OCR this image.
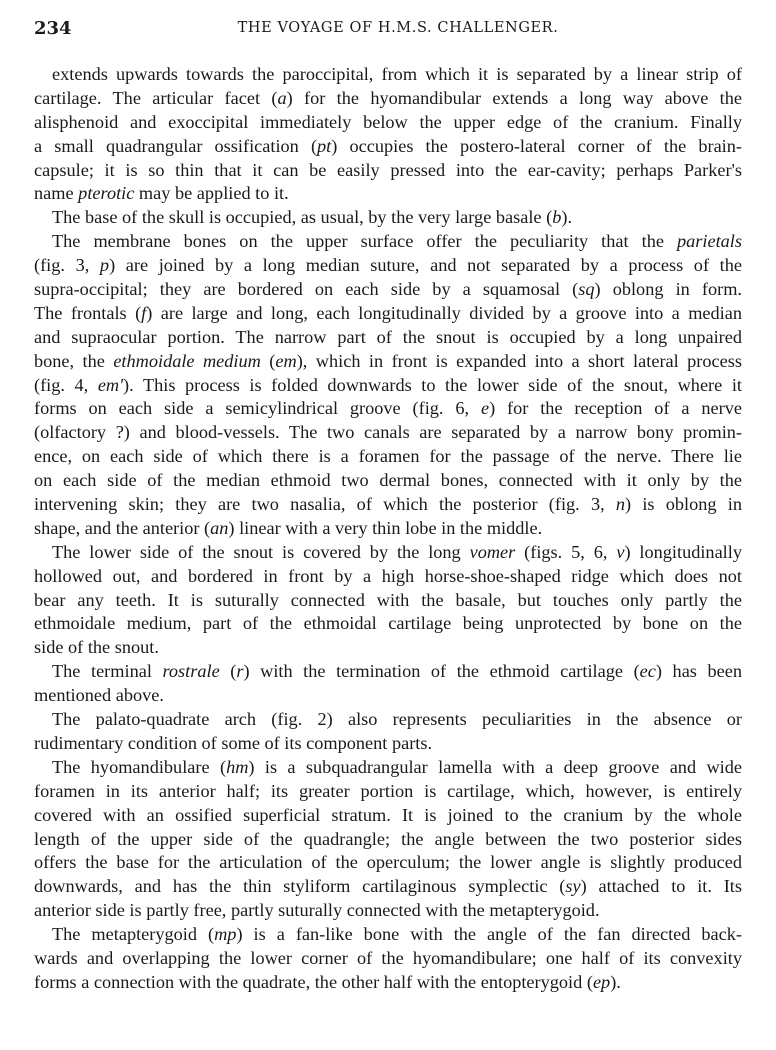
234	THE VOYAGE OF H.M.S. CHALLENGER.
extends upwards towards the paroccipital, from which it is separated by a linear strip of
cartilage. The articular facet (a) for the hyomandibular extends a long way above the
alisphenoid and exoccipital immediately below the upper edge of the cranium. Finally
a small quadrangular ossification (pt) occupies the postero-lateral corner of the brain-
capsule; it is so thin that it can be easily pressed into the ear-cavity; perhaps Parker's
name pterotic may be applied to it.
The base of the skull is occupied, as usual, by the very large basale (b).
The membrane bones on the upper surface offer the peculiarity that the parietals
(fig. 3, p) are joined by a long median suture, and not separated by a process of the
supra-occipital; they are bordered on each side by a squamosal (sq) oblong in form.
The frontals (f) are large and long, each longitudinally divided by a groove into a median
and supraocular portion. The narrow part of the snout is occupied by a long unpaired
bone, the ethmoidale medium (em), which in front is expanded into a short lateral process
(fig. 4, em'). This process is folded downwards to the lower side of the snout, where it
forms on each side a semicylindrical groove (fig. 6, e) for the reception of a nerve
(olfactory ?) and blood-vessels. The two canals are separated by a narrow bony promin-
ence, on each side of which there is a foramen for the passage of the nerve. There lie
on each side of the median ethmoid two dermal bones, connected with it only by the
intervening skin; they are two nasalia, of which the posterior (fig. 3, n) is oblong in
shape, and the anterior (an) linear with a very thin lobe in the middle.
The lower side of the snout is covered by the long vomer (figs. 5, 6, v) longitudinally
hollowed out, and bordered in front by a high horse-shoe-shaped ridge which does not
bear any teeth. It is suturally connected with the basale, but touches only partly the
ethmoidale medium, part of the ethmoidal cartilage being unprotected by bone on the
side of the snout.
The terminal rostrale (r) with the termination of the ethmoid cartilage (ec) has been
mentioned above.
The palato-quadrate arch (fig. 2) also represents peculiarities in the absence or
rudimentary condition of some of its component parts.
The hyomandibulare (hm) is a subquadrangular lamella with a deep groove and wide
foramen in its anterior half; its greater portion is cartilage, which, however, is entirely
covered with an ossified superficial stratum. It is joined to the cranium by the whole
length of the upper side of the quadrangle; the angle between the two posterior sides
offers the base for the articulation of the operculum; the lower angle is slightly produced
downwards, and has the thin styliform cartilaginous symplectic (sy) attached to it. Its
anterior side is partly free, partly suturally connected with the metapterygoid.
The metapterygoid (mp) is a fan-like bone with the angle of the fan directed back-
wards and overlapping the lower corner of the hyomandibulare; one half of its convexity
forms a connection with the quadrate, the other half with the entopterygoid (ep).
